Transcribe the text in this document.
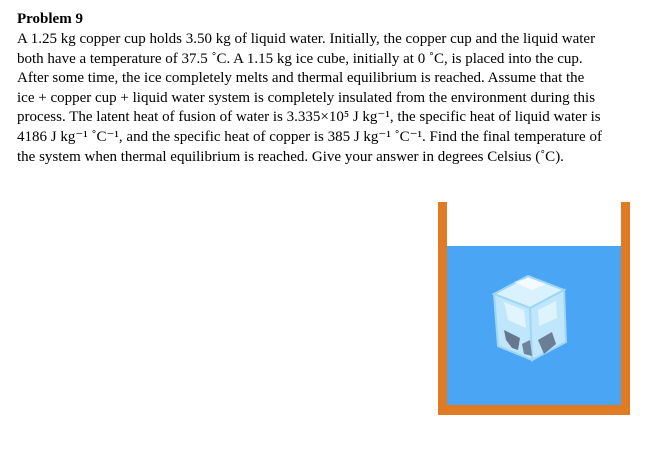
Problem 9
A 1.25 kg copper cup holds 3.50 kg of liquid water. Initially, the copper cup and the liquid water
both have a temperature of 37.5 ˚C. A 1.15 kg ice cube, initially at 0 ˚C, is placed into the cup.
After some time, the ice completely melts and thermal equilibrium is reached. Assume that the
ice + copper cup + liquid water system is completely insulated from the environment during this
process. The latent heat of fusion of water is 3.335×10⁵ J kg⁻¹, the specific heat of liquid water is
4186 J kg⁻¹ ˚C⁻¹, and the specific heat of copper is 385 J kg⁻¹ ˚C⁻¹. Find the final temperature of
the system when thermal equilibrium is reached. Give your answer in degrees Celsius (˚C).
